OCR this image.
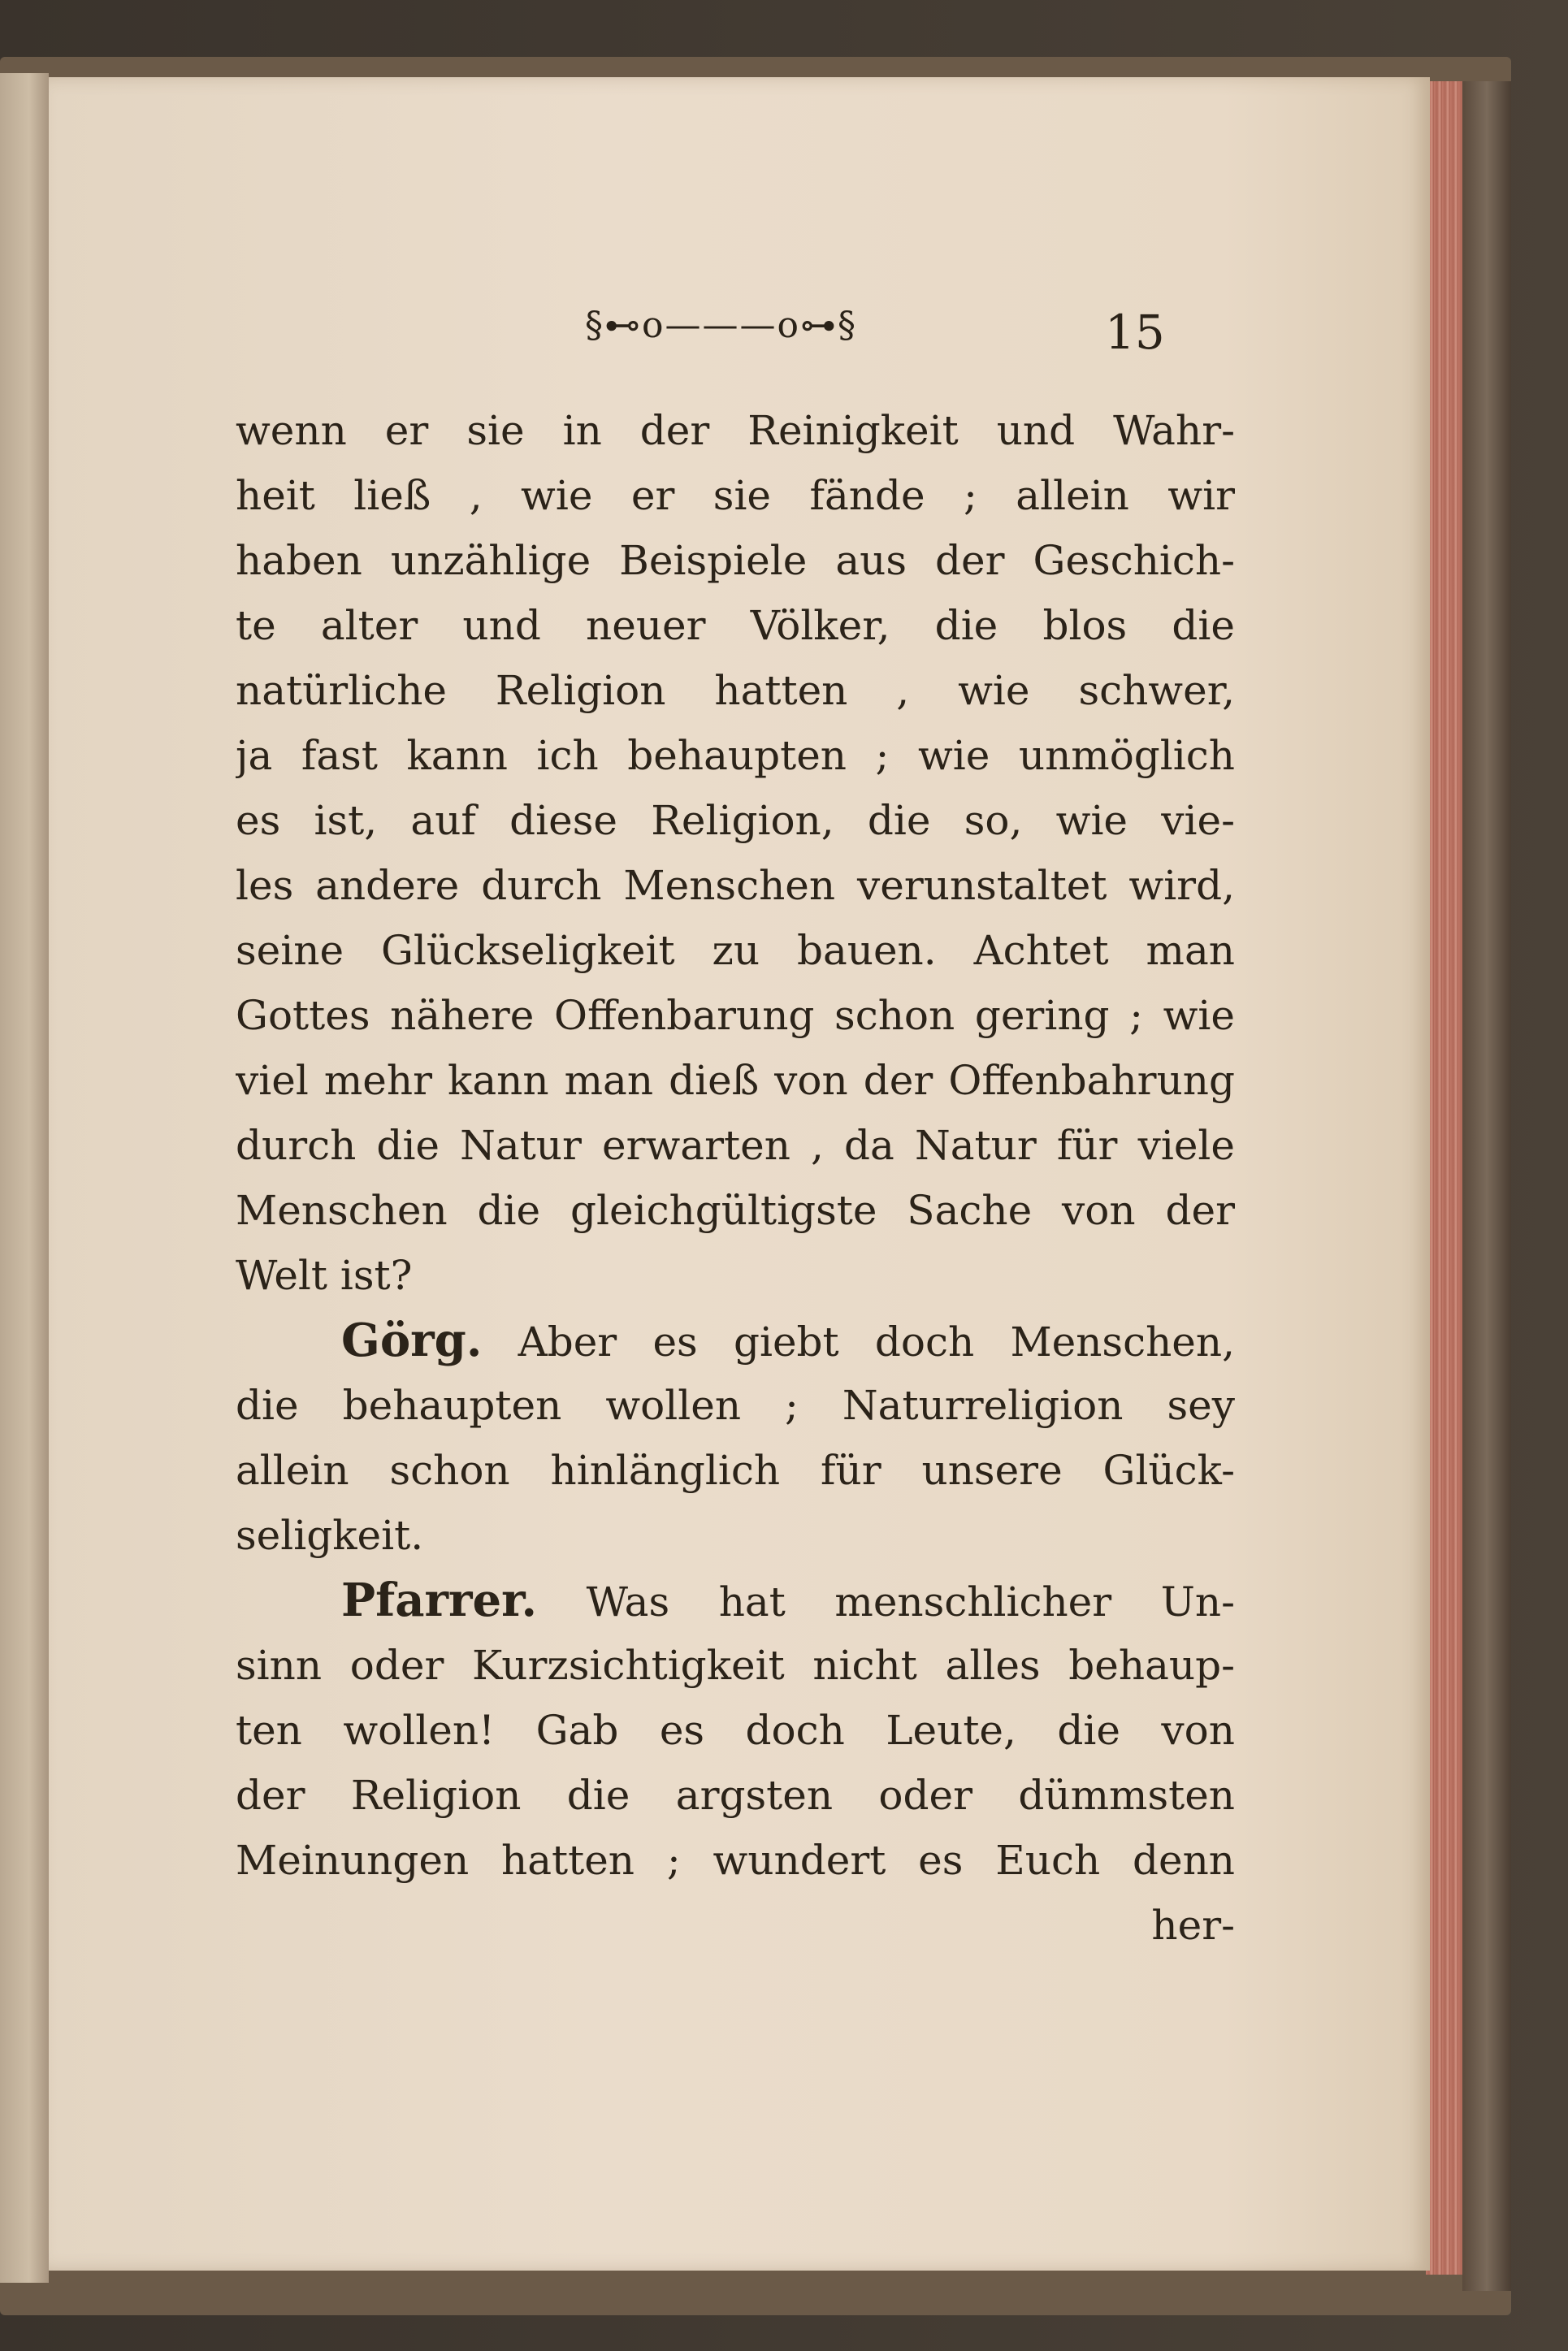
§⊷o———o⊶§	15
wenn er sie in der Reinigkeit und Wahr-
heit ließ , wie er sie fände ; allein wir
haben unzählige Beispiele aus der Geschich-
te alter und neuer Völker, die blos die
natürliche Religion hatten , wie schwer,
ja fast kann ich behaupten ; wie unmöglich
es ist, auf diese Religion, die so, wie vie-
les andere durch Menschen verunstaltet wird,
seine Glückseligkeit zu bauen. Achtet man
Gottes nähere Offenbarung schon gering ; wie
viel mehr kann man dieß von der Offenbahrung
durch die Natur erwarten , da Natur für viele
Menschen die gleichgültigste Sache von der
Welt ist?
Görg. Aber es giebt doch Menschen,
die behaupten wollen ; Naturreligion sey
allein schon hinlänglich für unsere Glück-
seligkeit.
Pfarrer. Was hat menschlicher Un-
sinn oder Kurzsichtigkeit nicht alles behaup-
ten wollen! Gab es doch Leute, die von
der Religion die argsten oder dümmsten
Meinungen hatten ; wundert es Euch denn
her-
